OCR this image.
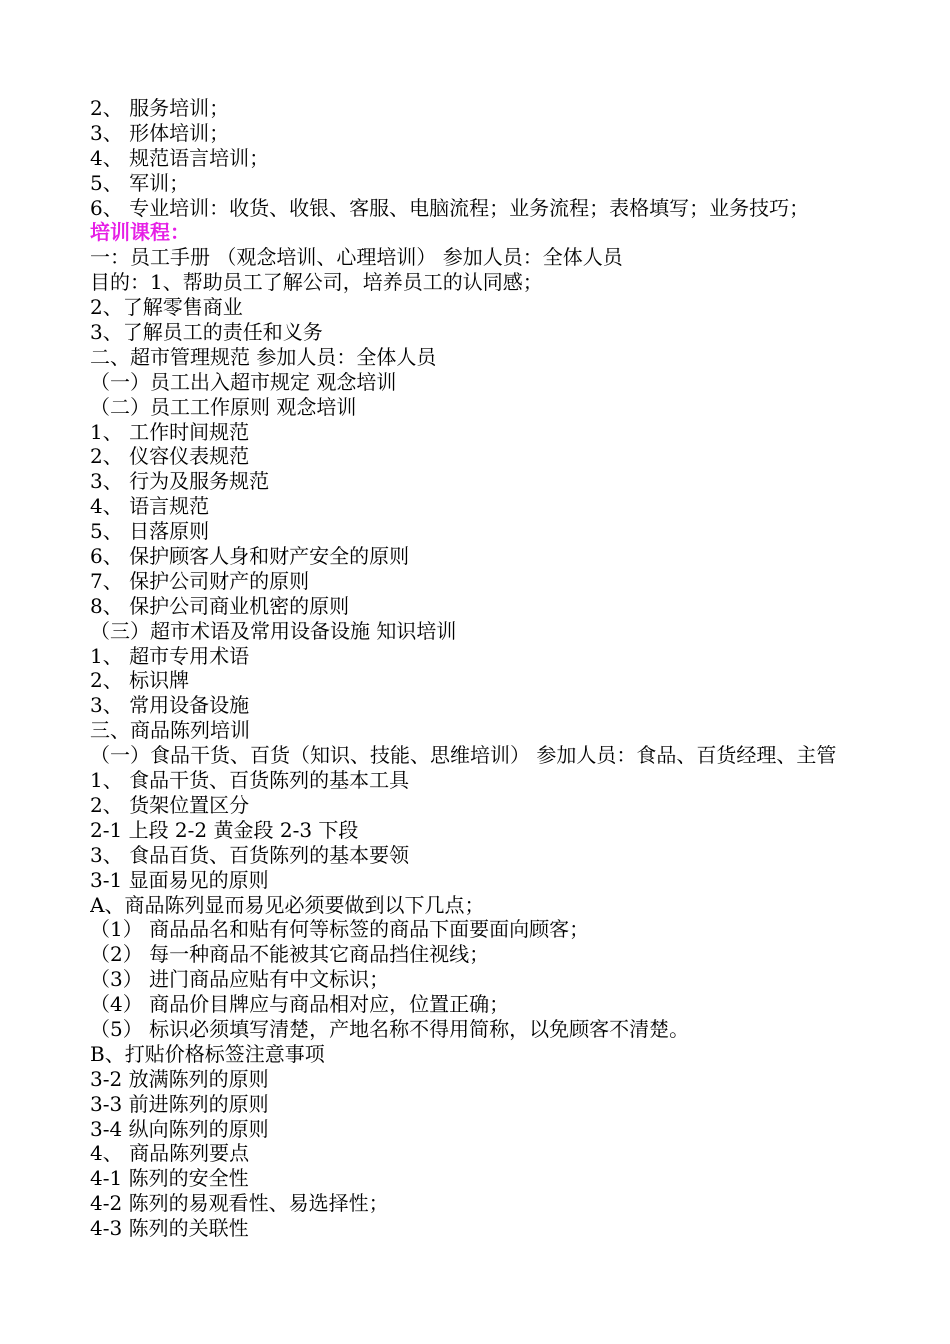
2、 服务培训；
3、 形体培训；
4、 规范语言培训；
5、 军训；
6、 专业培训：收货、收银、客服、电脑流程；业务流程；表格填写；业务技巧；
培训课程：
一：员工手册 （观念培训、心理培训） 参加人员：全体人员
目的：1、帮助员工了解公司，培养员工的认同感；
2、了解零售商业
3、了解员工的责任和义务
二、超市管理规范 参加人员：全体人员
（一）员工出入超市规定 观念培训
（二）员工工作原则 观念培训
1、 工作时间规范
2、 仪容仪表规范
3、 行为及服务规范
4、 语言规范
5、 日落原则
6、 保护顾客人身和财产安全的原则
7、 保护公司财产的原则
8、 保护公司商业机密的原则
（三）超市术语及常用设备设施 知识培训
1、 超市专用术语
2、 标识牌
3、 常用设备设施
三、商品陈列培训
（一）食品干货、百货（知识、技能、思维培训） 参加人员：食品、百货经理、主管
1、 食品干货、百货陈列的基本工具
2、 货架位置区分
2-1 上段 2-2 黄金段 2-3 下段
3、 食品百货、百货陈列的基本要领
3-1 显面易见的原则
A、商品陈列显而易见必须要做到以下几点；
（1） 商品品名和贴有何等标签的商品下面要面向顾客；
（2） 每一种商品不能被其它商品挡住视线；
（3） 进门商品应贴有中文标识；
（4） 商品价目牌应与商品相对应，位置正确；
（5） 标识必须填写清楚，产地名称不得用简称，以免顾客不清楚。
B、打贴价格标签注意事项
3-2 放满陈列的原则
3-3 前进陈列的原则
3-4 纵向陈列的原则
4、 商品陈列要点
4-1 陈列的安全性
4-2 陈列的易观看性、易选择性；
4-3 陈列的关联性
